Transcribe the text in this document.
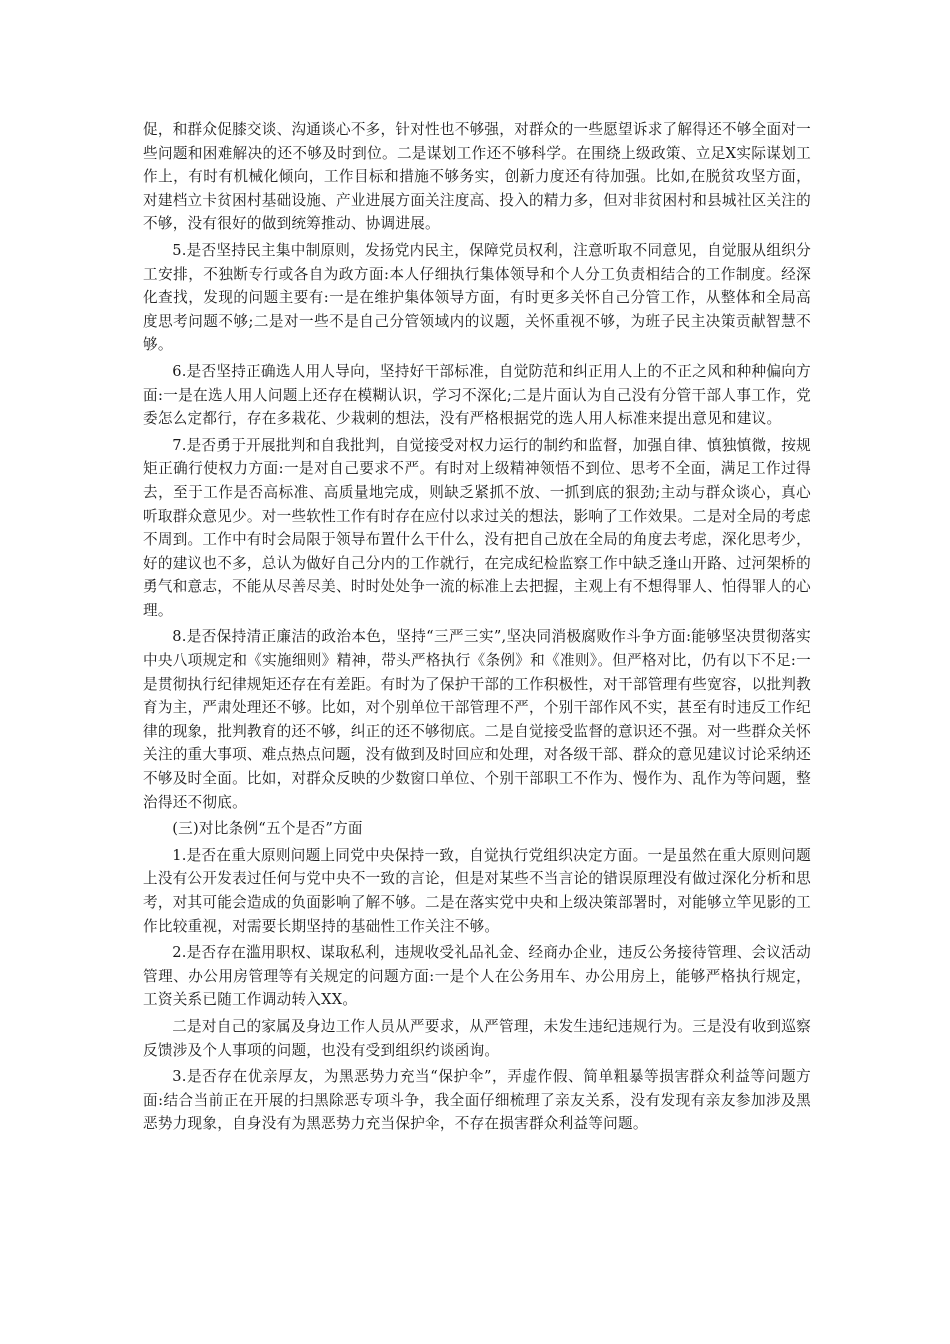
促，和群众促膝交谈、沟通谈心不多，针对性也不够强，对群众的一些愿望诉求了解得还不够全面对一些问题和困难解决的还不够及时到位。二是谋划工作还不够科学。在围绕上级政策、立足X实际谋划工作上，有时有机械化倾向，工作目标和措施不够务实，创新力度还有待加强。比如,在脱贫攻坚方面，对建档立卡贫困村基础设施、产业进展方面关注度高、投入的精力多，但对非贫困村和县城社区关注的不够，没有很好的做到统筹推动、协调进展。

5.是否坚持民主集中制原则，发扬党内民主，保障党员权利，注意听取不同意见，自觉服从组织分工安排，不独断专行或各自为政方面:本人仔细执行集体领导和个人分工负责相结合的工作制度。经深化查找，发现的问题主要有:一是在维护集体领导方面，有时更多关怀自己分管工作，从整体和全局高度思考问题不够;二是对一些不是自己分管领域内的议题，关怀重视不够，为班子民主决策贡献智慧不够。

6.是否坚持正确选人用人导向，坚持好干部标准，自觉防范和纠正用人上的不正之风和种种偏向方面:一是在选人用人问题上还存在模糊认识，学习不深化;二是片面认为自己没有分管干部人事工作，党委怎么定都行，存在多栽花、少栽刺的想法，没有严格根据党的选人用人标准来提出意见和建议。

7.是否勇于开展批判和自我批判，自觉接受对权力运行的制约和监督，加强自律、慎独慎微，按规矩正确行使权力方面:一是对自己要求不严。有时对上级精神领悟不到位、思考不全面，满足工作过得去，至于工作是否高标准、高质量地完成，则缺乏紧抓不放、一抓到底的狠劲;主动与群众谈心，真心听取群众意见少。对一些软性工作有时存在应付以求过关的想法，影响了工作效果。二是对全局的考虑不周到。工作中有时会局限于领导布置什么干什么，没有把自己放在全局的角度去考虑，深化思考少，好的建议也不多，总认为做好自己分内的工作就行，在完成纪检监察工作中缺乏逢山开路、过河架桥的勇气和意志，不能从尽善尽美、时时处处争一流的标准上去把握，主观上有不想得罪人、怕得罪人的心理。

8.是否保持清正廉洁的政治本色，坚持“三严三实”,坚决同消极腐败作斗争方面:能够坚决贯彻落实中央八项规定和《实施细则》精神，带头严格执行《条例》和《准则》。但严格对比，仍有以下不足:一是贯彻执行纪律规矩还存在有差距。有时为了保护干部的工作积极性，对干部管理有些宽容，以批判教育为主，严肃处理还不够。比如，对个别单位干部管理不严，个别干部作风不实，甚至有时违反工作纪律的现象，批判教育的还不够，纠正的还不够彻底。二是自觉接受监督的意识还不强。对一些群众关怀关注的重大事项、难点热点问题，没有做到及时回应和处理，对各级干部、群众的意见建议讨论采纳还不够及时全面。比如，对群众反映的少数窗口单位、个别干部职工不作为、慢作为、乱作为等问题，整治得还不彻底。

(三)对比条例“五个是否”方面

1.是否在重大原则问题上同党中央保持一致，自觉执行党组织决定方面。一是虽然在重大原则问题上没有公开发表过任何与党中央不一致的言论，但是对某些不当言论的错误原理没有做过深化分析和思考，对其可能会造成的负面影响了解不够。二是在落实党中央和上级决策部署时，对能够立竿见影的工作比较重视，对需要长期坚持的基础性工作关注不够。

2.是否存在滥用职权、谋取私利，违规收受礼品礼金、经商办企业，违反公务接待管理、会议活动管理、办公用房管理等有关规定的问题方面:一是个人在公务用车、办公用房上，能够严格执行规定，工资关系已随工作调动转入XX。

二是对自己的家属及身边工作人员从严要求，从严管理，未发生违纪违规行为。三是没有收到巡察反馈涉及个人事项的问题，也没有受到组织约谈函询。

3.是否存在优亲厚友，为黑恶势力充当“保护伞”，弄虚作假、简单粗暴等损害群众利益等问题方面:结合当前正在开展的扫黑除恶专项斗争，我全面仔细梳理了亲友关系，没有发现有亲友参加涉及黑恶势力现象，自身没有为黑恶势力充当保护伞，不存在损害群众利益等问题。
